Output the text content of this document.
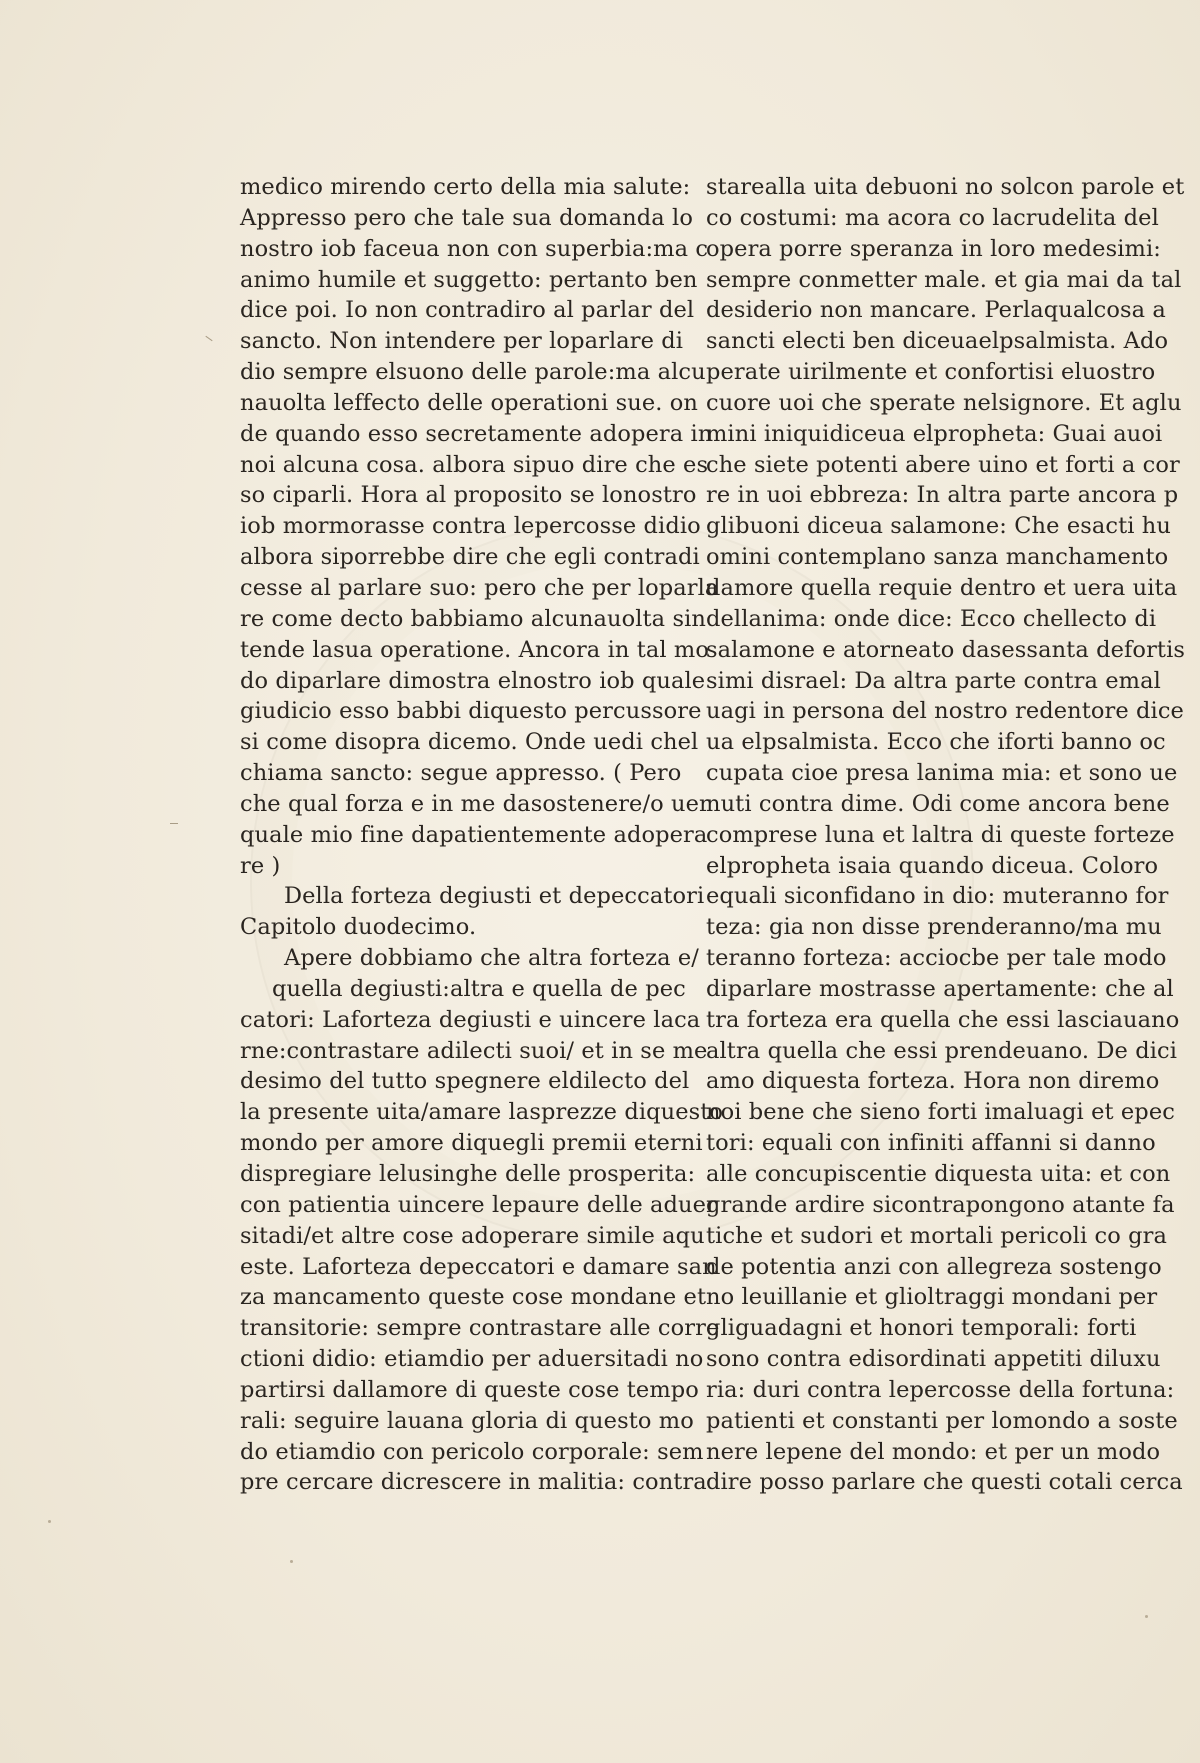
medico mirendo certo della mia salute:
Appresso pero che tale sua domanda lo
nostro iob faceua non con superbia:ma c
animo humile et suggetto: pertanto ben
dice poi. Io non contradiro al parlar del
sancto. Non intendere per loparlare di
dio sempre elsuono delle parole:ma alcu
nauolta leffecto delle operationi sue. on
de quando esso secretamente adopera in
noi alcuna cosa. albora sipuo dire che es
so ciparli. Hora al proposito se lonostro
iob mormorasse contra lepercosse didio
albora siporrebbe dire che egli contradi
cesse al parlare suo: pero che per loparla
re come decto babbiamo alcunauolta sin
tende lasua operatione. Ancora in tal mo
do diparlare dimostra elnostro iob quale
giudicio esso babbi diquesto percussore
si come disopra dicemo. Onde uedi chel
chiama sancto: segue appresso. ( Pero
che qual forza e in me dasostenere/o uer
quale mio fine dapatientemente adopera
re )
Della forteza degiusti et depeccatori
Capitolo duodecimo.
Apere dobbiamo che altra forteza e/
quella degiusti:altra e quella de pec
catori: Laforteza degiusti e uincere laca
rne:contrastare adilecti suoi/ et in se me
desimo del tutto spegnere eldilecto del
la presente uita/amare lasprezze diquesto
mondo per amore diquegli premii eterni
dispregiare lelusinghe delle prosperita:
con patientia uincere lepaure delle aduer
sitadi/et altre cose adoperare simile aqu
este. Laforteza depeccatori e damare san
za mancamento queste cose mondane et
transitorie: sempre contrastare alle corre
ctioni didio: etiamdio per aduersitadi no
partirsi dallamore di queste cose tempo
rali: seguire lauana gloria di questo mo
do etiamdio con pericolo corporale: sem
pre cercare dicrescere in malitia: contra
starealla uita debuoni no solcon parole et
co costumi: ma acora co lacrudelita del
opera porre speranza in loro medesimi:
sempre conmetter male. et gia mai da tal
desiderio non mancare. Perlaqualcosa a
sancti electi ben diceuaelpsalmista. Ado
perate uirilmente et confortisi eluostro
cuore uoi che sperate nelsignore. Et aglu
mini iniquidiceua elpropheta: Guai auoi
che siete potenti abere uino et forti a cor
re in uoi ebbreza: In altra parte ancora p
glibuoni diceua salamone: Che esacti hu
omini contemplano sanza manchamento
damore quella requie dentro et uera uita
dellanima: onde dice: Ecco chellecto di
salamone e atorneato dasessanta defortis
simi disrael: Da altra parte contra emal
uagi in persona del nostro redentore dice
ua elpsalmista. Ecco che iforti banno oc
cupata cioe presa lanima mia: et sono ue
nuti contra dime. Odi come ancora bene
comprese luna et laltra di queste forteze
elpropheta isaia quando diceua. Coloro
equali siconfidano in dio: muteranno for
teza: gia non disse prenderanno/ma mu
teranno forteza: acciocbe per tale modo
diparlare mostrasse apertamente: che al
tra forteza era quella che essi lasciauano
altra quella che essi prendeuano. De dici
amo diquesta forteza. Hora non diremo
noi bene che sieno forti imaluagi et epec
tori: equali con infiniti affanni si danno
alle concupiscentie diquesta uita: et con
grande ardire sicontrapongono atante fa
tiche et sudori et mortali pericoli co gra
de potentia anzi con allegreza sostengo
no leuillanie et glioltraggi mondani per
gliguadagni et honori temporali: forti
sono contra edisordinati appetiti diluxu
ria: duri contra lepercosse della fortuna:
patienti et constanti per lomondo a soste
nere lepene del mondo: et per un modo
dire posso parlare che questi cotali cerca
